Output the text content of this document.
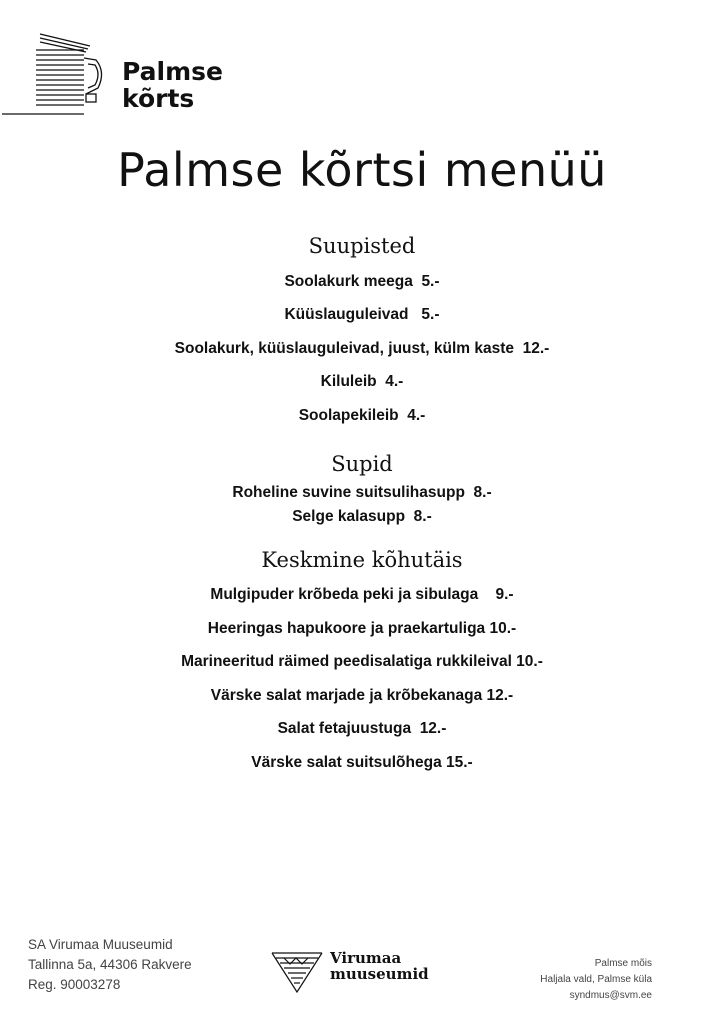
Palmse
kõrts
Palmse kõrtsi menüü
Suupisted
Soolakurk meega  5.-
Küüslauguleivad   5.-
Soolakurk, küüslauguleivad, juust, külm kaste  12.-
Kiluleib  4.-
Soolapekileib  4.-
Supid
Roheline suvine suitsulihasupp  8.-
Selge kalasupp  8.-
Keskmine kõhutäis
Mulgipuder krõbeda peki ja sibulaga    9.-
Heeringas hapukoore ja praekartuliga 10.-
Marineeritud räimed peedisalatiga rukkileival 10.-
Värske salat marjade ja krõbekanaga 12.-
Salat fetajuustuga  12.-
Värske salat suitsulõhega 15.-
SA Virumaa Muuseumid
Tallinna 5a, 44306 Rakvere
Reg. 90003278
Virumaa
muuseumid
Palmse mõis
Haljala vald, Palmse küla
syndmus@svm.ee
